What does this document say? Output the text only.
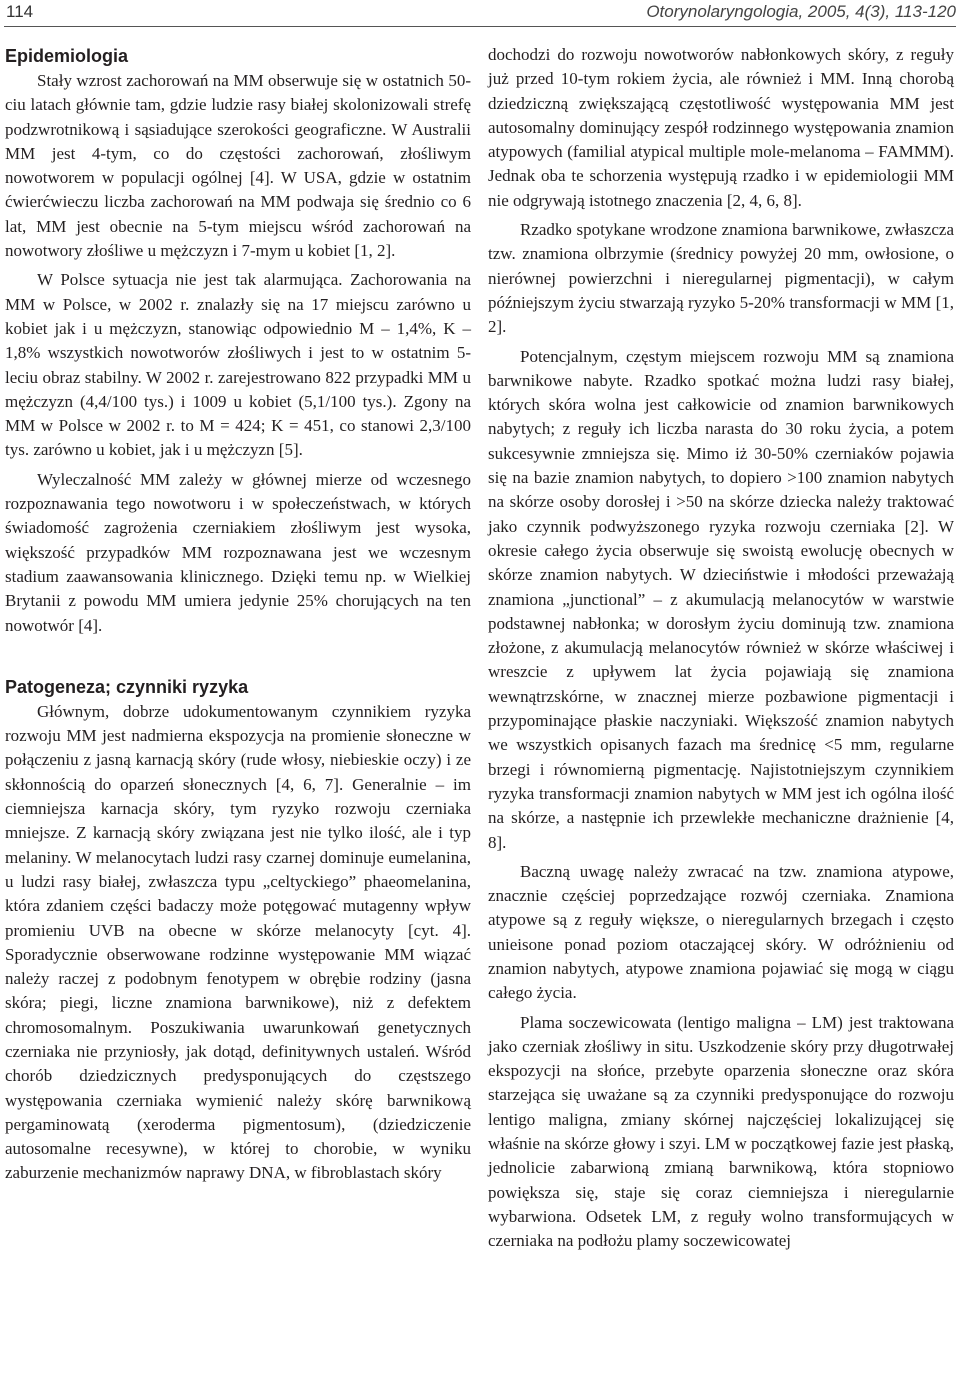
114	Otorynolaryngologia, 2005, 4(3), 113-120
Epidemiologia

Stały wzrost zachorowań na MM obserwuje się w ostatnich 50-ciu latach głównie tam, gdzie ludzie rasy białej skolonizowali strefę podzwrotnikową i sąsiadujące szerokości geograficzne. W Australii MM jest 4-tym, co do częstości zachorowań, złośliwym nowotworem w populacji ogólnej [4]. W USA, gdzie w ostatnim ćwierćwieczu liczba zachorowań na MM podwaja się średnio co 6 lat, MM jest obecnie na 5-tym miejscu wśród zachorowań na nowotwory złośliwe u mężczyzn i 7-mym u kobiet [1, 2].

W Polsce sytuacja nie jest tak alarmująca. Zachorowania na MM w Polsce, w 2002 r. znalazły się na 17 miejscu zarówno u kobiet jak i u mężczyzn, stanowiąc odpowiednio M – 1,4%, K – 1,8% wszystkich nowotworów złośliwych i jest to w ostatnim 5-leciu obraz stabilny. W 2002 r. zarejestrowano 822 przypadki MM u mężczyzn (4,4/100 tys.) i 1009 u kobiet (5,1/100 tys.). Zgony na MM w Polsce w 2002 r. to M = 424; K = 451, co stanowi 2,3/100 tys. zarówno u kobiet, jak i u mężczyzn [5].

Wyleczalność MM zależy w głównej mierze od wczesnego rozpoznawania tego nowotworu i w społeczeństwach, w których świadomość zagrożenia czerniakiem złośliwym jest wysoka, większość przypadków MM rozpoznawana jest we wczesnym stadium zaawansowania klinicznego. Dzięki temu np. w Wielkiej Brytanii z powodu MM umiera jedynie 25% chorujących na ten nowotwór [4].

Patogeneza; czynniki ryzyka

Głównym, dobrze udokumentowanym czynnikiem ryzyka rozwoju MM jest nadmierna ekspozycja na promienie słoneczne w połączeniu z jasną karnacją skóry (rude włosy, niebieskie oczy) i ze skłonnością do oparzeń słonecznych [4, 6, 7]. Generalnie – im ciemniejsza karnacja skóry, tym ryzyko rozwoju czerniaka mniejsze. Z karnacją skóry związana jest nie tylko ilość, ale i typ melaniny. W melanocytach ludzi rasy czarnej dominuje eumelanina, u ludzi rasy białej, zwłaszcza typu „celtyckiego” phaeomelanina, która zdaniem części badaczy może potęgować mutagenny wpływ promieniu UVB na obecne w skórze melanocyty [cyt. 4]. Sporadycznie obserwowane rodzinne występowanie MM wiązać należy raczej z podobnym fenotypem w obrębie rodziny (jasna skóra; piegi, liczne znamiona barwnikowe), niż z defektem chromosomalnym. Poszukiwania uwarunkowań genetycznych czerniaka nie przyniosły, jak dotąd, definitywnych ustaleń. Wśród chorób dziedzicznych predysponujących do częstszego występowania czerniaka wymienić należy skórę barwnikową pergaminowatą (xeroderma pigmentosum), (dziedziczenie autosomalne recesywne), w której to chorobie, w wyniku zaburzenie mechanizmów naprawy DNA, w fibroblastach skóry

dochodzi do rozwoju nowotworów nabłonkowych skóry, z reguły już przed 10-tym rokiem życia, ale również i MM. Inną chorobą dziedziczną zwiększającą częstotliwość występowania MM jest autosomalny dominujący zespół rodzinnego występowania znamion atypowych (familial atypical multiple mole-melanoma – FAMMM). Jednak oba te schorzenia występują rzadko i w epidemiologii MM nie odgrywają istotnego znaczenia [2, 4, 6, 8].

Rzadko spotykane wrodzone znamiona barwnikowe, zwłaszcza tzw. znamiona olbrzymie (średnicy powyżej 20 mm, owłosione, o nierównej powierzchni i nieregularnej pigmentacji), w całym późniejszym życiu stwarzają ryzyko 5-20% transformacji w MM [1, 2].

Potencjalnym, częstym miejscem rozwoju MM są znamiona barwnikowe nabyte. Rzadko spotkać można ludzi rasy białej, których skóra wolna jest całkowicie od znamion barwnikowych nabytych; z reguły ich liczba narasta do 30 roku życia, a potem sukcesywnie zmniejsza się. Mimo iż 30-50% czerniaków pojawia się na bazie znamion nabytych, to dopiero >100 znamion nabytych na skórze osoby dorosłej i >50 na skórze dziecka należy traktować jako czynnik podwyższonego ryzyka rozwoju czerniaka [2]. W okresie całego życia obserwuje się swoistą ewolucję obecnych w skórze znamion nabytych. W dzieciństwie i młodości przeważają znamiona „junctional” – z akumulacją melanocytów w warstwie podstawnej nabłonka; w dorosłym życiu dominują tzw. znamiona złożone, z akumulacją melanocytów również w skórze właściwej i wreszcie z upływem lat życia pojawiają się znamiona wewnątrzskórne, w znacznej mierze pozbawione pigmentacji i przypominające płaskie naczyniaki. Większość znamion nabytych we wszystkich opisanych fazach ma średnicę <5 mm, regularne brzegi i równomierną pigmentację. Najistotniejszym czynnikiem ryzyka transformacji znamion nabytych w MM jest ich ogólna ilość na skórze, a następnie ich przewlekłe mechaniczne drażnienie [4, 8].

Baczną uwagę należy zwracać na tzw. znamiona atypowe, znacznie częściej poprzedzające rozwój czerniaka. Znamiona atypowe są z reguły większe, o nieregularnych brzegach i często unieisone ponad poziom otaczającej skóry. W odróżnieniu od znamion nabytych, atypowe znamiona pojawiać się mogą w ciągu całego życia.

Plama soczewicowata (lentigo maligna – LM) jest traktowana jako czerniak złośliwy in situ. Uszkodzenie skóry przy długotrwałej ekspozycji na słońce, przebyte oparzenia słoneczne oraz skóra starzejąca się uważane są za czynniki predysponujące do rozwoju lentigo maligna, zmiany skórnej najczęściej lokalizującej się właśnie na skórze głowy i szyi. LM w początkowej fazie jest płaską, jednolicie zabarwioną zmianą barwnikową, która stopniowo powiększa się, staje się coraz ciemniejsza i nieregularnie wybarwiona. Odsetek LM, z reguły wolno transformujących w czerniaka na podłożu plamy soczewicowatej
